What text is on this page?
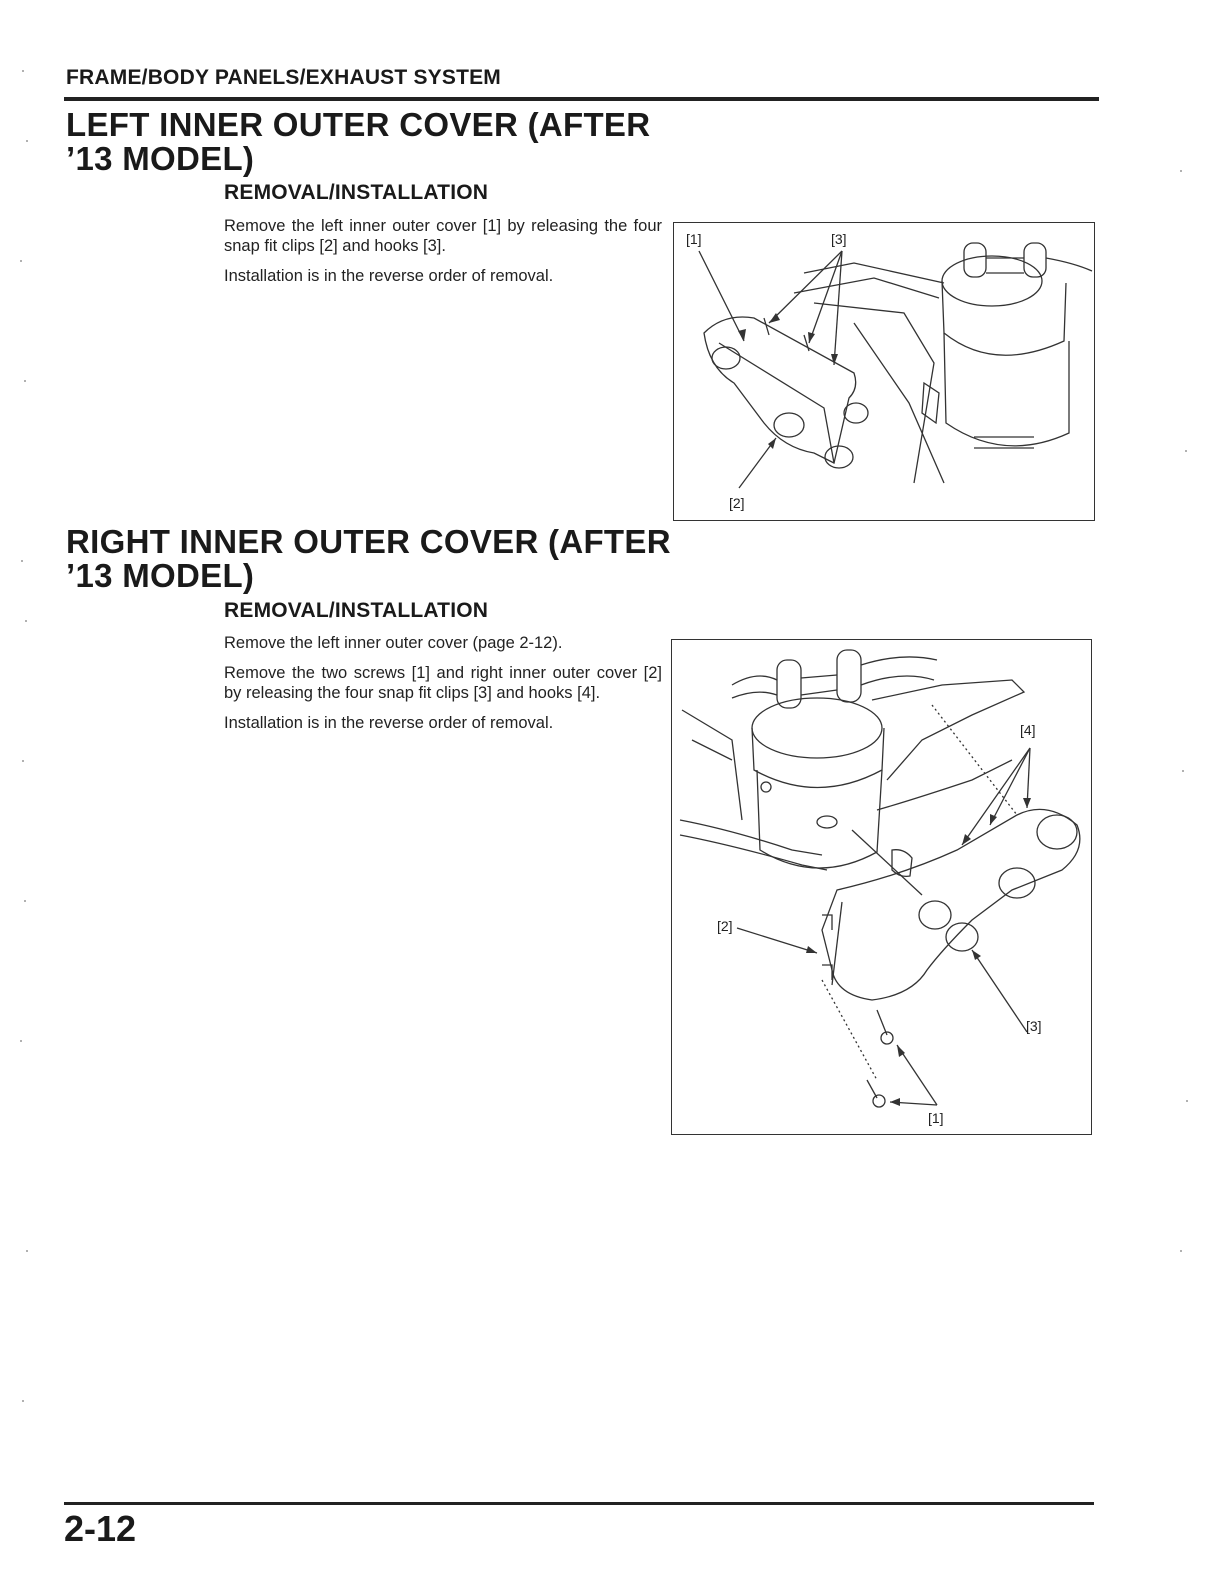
FRAME/BODY PANELS/EXHAUST SYSTEM
LEFT INNER OUTER COVER (AFTER
’13 MODEL)
REMOVAL/INSTALLATION

Remove the left inner outer cover [1] by releasing the four snap fit clips [2] and hooks [3].

Installation is in the reverse order of removal.

[1]	[3]
[2]
RIGHT INNER OUTER COVER (AFTER
’13 MODEL)
REMOVAL/INSTALLATION

Remove the left inner outer cover (page 2-12).

Remove the two screws [1] and right inner outer cover [2] by releasing the four snap fit clips [3] and hooks [4].

Installation is in the reverse order of removal.	[4]
[2]
[3]
[1]
2-12
